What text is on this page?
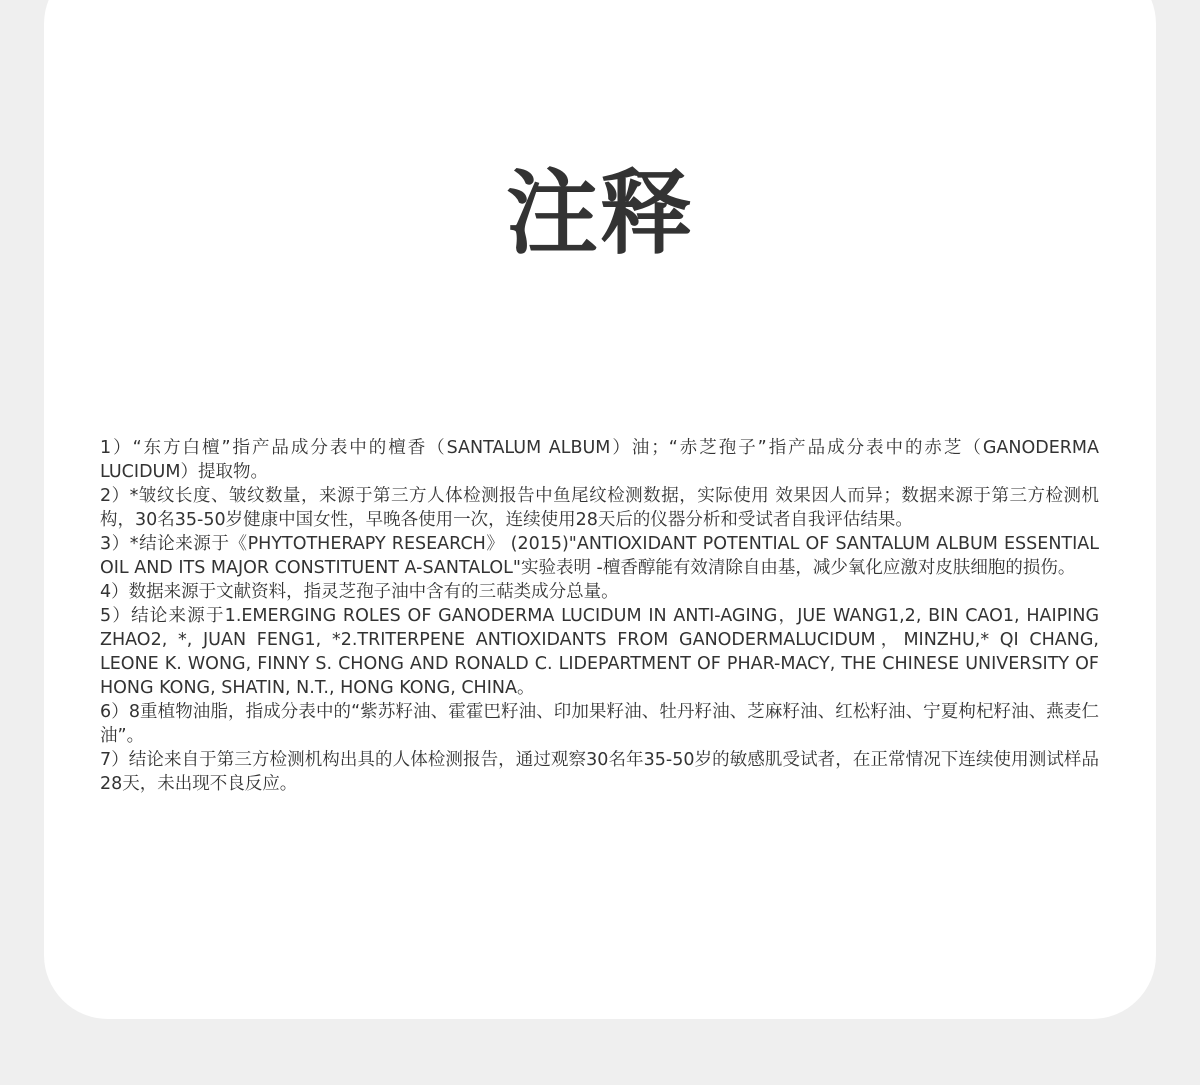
注释

1）“东方白檀”指产品成分表中的檀香（SANTALUM ALBUM）油；“赤芝孢子”指产品成分表中的赤芝（GANODERMA LUCIDUM）提取物。

2）*皱纹长度、皱纹数量，来源于第三方人体检测报告中鱼尾纹检测数据，实际使用 效果因人而异；数据来源于第三方检测机构，30名35-50岁健康中国女性，早晚各使用一次，连续使用28天后的仪器分析和受试者自我评估结果。

3）*结论来源于《PHYTOTHERAPY RESEARCH》 (2015)"ANTIOXIDANT POTENTIAL OF SANTALUM ALBUM ESSENTIAL OIL AND ITS MAJOR CONSTITUENT A-SANTALOL"实验表明 -檀香醇能有效清除自由基，减少氧化应激对皮肤细胞的损伤。

4）数据来源于文献资料，指灵芝孢子油中含有的三萜类成分总量。

5）结论来源于1.EMERGING ROLES OF GANODERMA LUCIDUM IN ANTI-AGING，JUE WANG1,2, BIN CAO1, HAIPING ZHAO2, *, JUAN FENG1, *2.TRITERPENE ANTIOXIDANTS FROM GANODERMALUCIDUM，MINZHU,* QI CHANG, LEONE K. WONG, FINNY S. CHONG AND RONALD C. LIDEPARTMENT OF PHAR-MACY, THE CHINESE UNIVERSITY OF HONG KONG, SHATIN, N.T., HONG KONG, CHINA。

6）8重植物油脂，指成分表中的“紫苏籽油、霍霍巴籽油、印加果籽油、牡丹籽油、芝麻籽油、红松籽油、宁夏枸杞籽油、燕麦仁油”。

7）结论来自于第三方检测机构出具的人体检测报告，通过观察30名年35-50岁的敏感肌受试者，在正常情况下连续使用测试样品28天，未出现不良反应。
